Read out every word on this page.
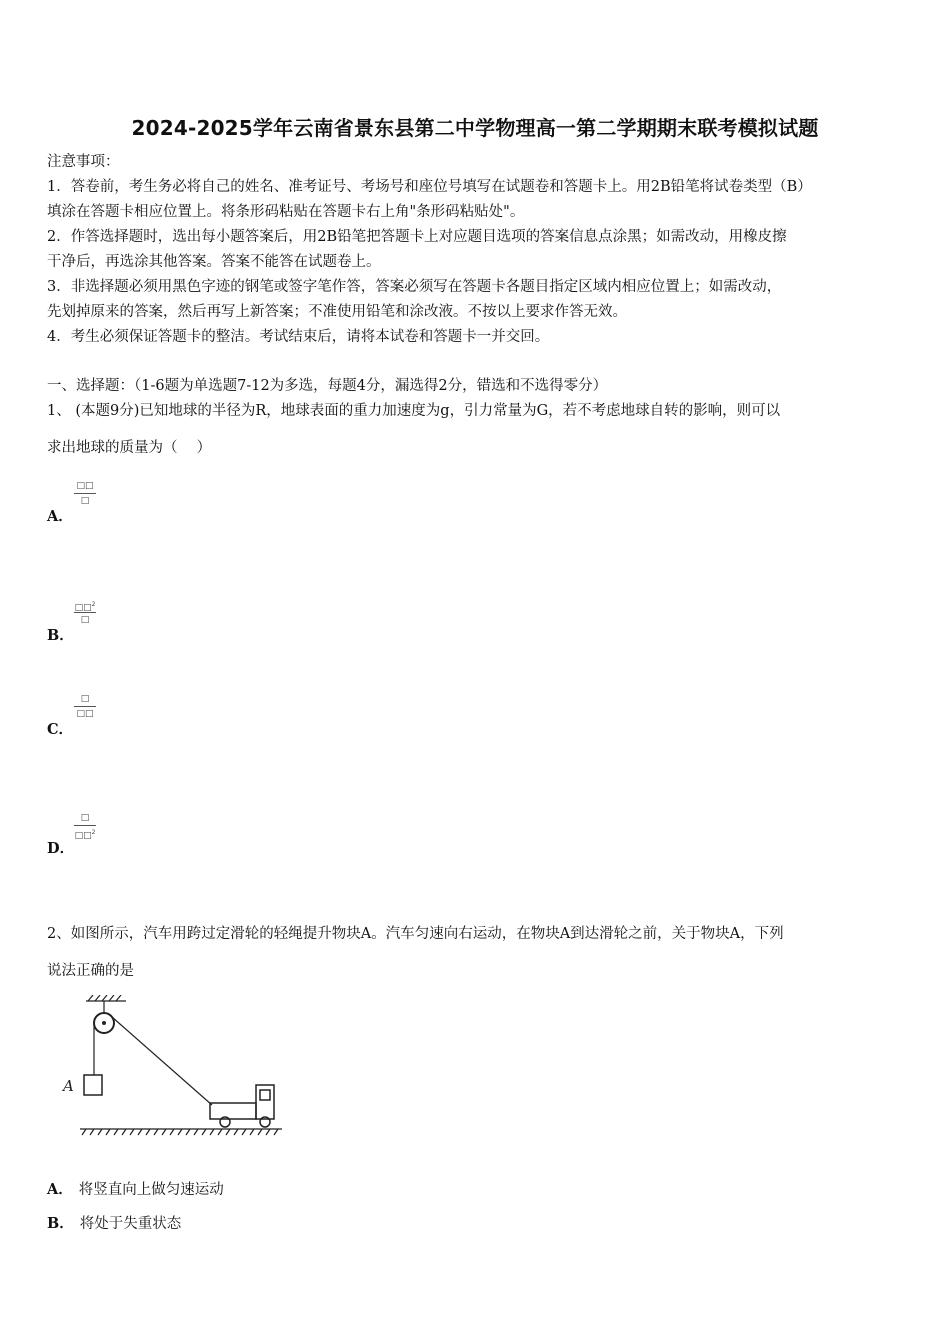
2024-2025学年云南省景东县第二中学物理高一第二学期期末联考模拟试题
注意事项：
1．答卷前，考生务必将自己的姓名、准考证号、考场号和座位号填写在试题卷和答题卡上。用2B铅笔将试卷类型（B）
填涂在答题卡相应位置上。将条形码粘贴在答题卡右上角"条形码粘贴处"。
2．作答选择题时，选出每小题答案后，用2B铅笔把答题卡上对应题目选项的答案信息点涂黑；如需改动，用橡皮擦
干净后，再选涂其他答案。答案不能答在试题卷上。
3．非选择题必须用黑色字迹的钢笔或签字笔作答，答案必须写在答题卡各题目指定区域内相应位置上；如需改动，
先划掉原来的答案，然后再写上新答案；不准使用铅笔和涂改液。不按以上要求作答无效。
4．考生必须保证答题卡的整洁。考试结束后，请将本试卷和答题卡一并交回。
一、选择题：（1-6题为单选题7-12为多选，每题4分，漏选得2分，错选和不选得零分）
1、 (本题9分)已知地球的半径为R，地球表面的重力加速度为g，引力常量为G，若不考虑地球自转的影响，则可以
求出地球的质量为（　 ）
□□
□
A．
□□$^2$
□
B．
□
□□
C．
□
□□$^2$
D．
2、如图所示，汽车用跨过定滑轮的轻绳提升物块A。汽车匀速向右运动，在物块A到达滑轮之前，关于物块A，下列
说法正确的是
A
A． 将竖直向上做匀速运动
B． 将处于失重状态
